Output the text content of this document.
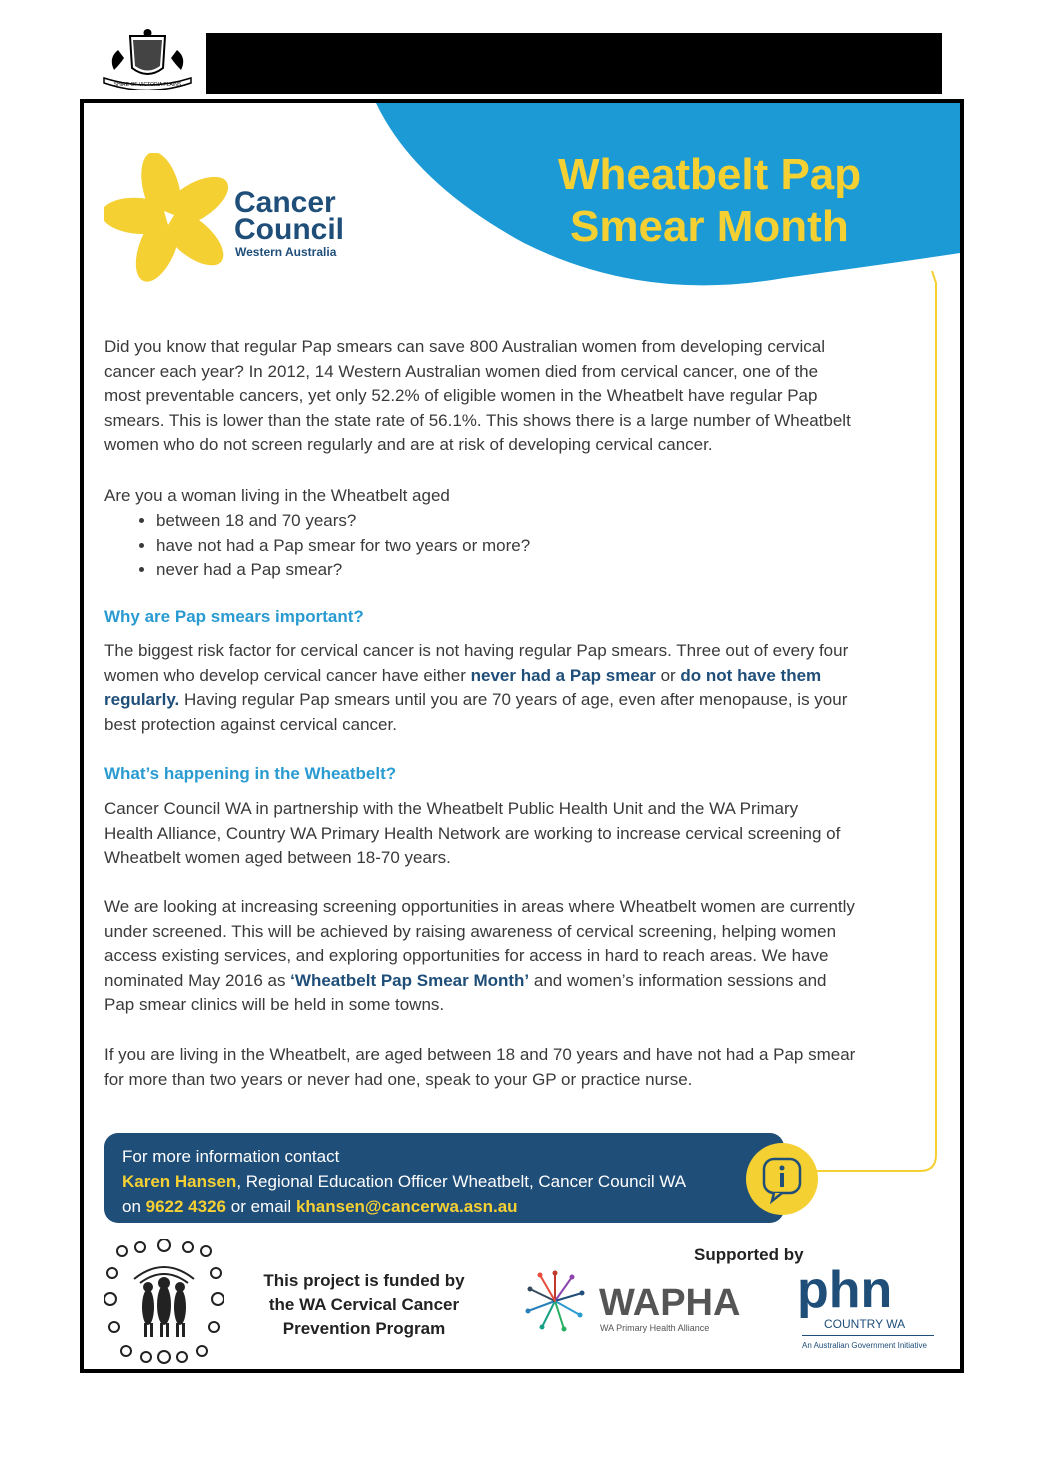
SHIRE OF VICTORIA PLAINS
Cancer
Council
Western Australia
Wheatbelt Pap
Smear Month
Did you know that regular Pap smears can save 800 Australian women from developing cervical
cancer each year? In 2012, 14 Western Australian women died from cervical cancer, one of the
most preventable cancers, yet only 52.2% of eligible women in the Wheatbelt have regular Pap
smears. This is lower than the state rate of 56.1%. This shows there is a large number of Wheatbelt
women who do not screen regularly and are at risk of developing cervical cancer.
Are you a woman living in the Wheatbelt aged
• between 18 and 70 years?
• have not had a Pap smear for two years or more?
• never had a Pap smear?
Why are Pap smears important?
The biggest risk factor for cervical cancer is not having regular Pap smears. Three out of every four
women who develop cervical cancer have either never had a Pap smear or do not have them
regularly. Having regular Pap smears until you are 70 years of age, even after menopause, is your
best protection against cervical cancer.
What’s happening in the Wheatbelt?
Cancer Council WA in partnership with the Wheatbelt Public Health Unit and the WA Primary
Health Alliance, Country WA Primary Health Network are working to increase cervical screening of
Wheatbelt women aged between 18-70 years.
We are looking at increasing screening opportunities in areas where Wheatbelt women are currently
under screened. This will be achieved by raising awareness of cervical screening, helping women
access existing services, and exploring opportunities for access in hard to reach areas. We have
nominated May 2016 as ‘Wheatbelt Pap Smear Month’ and women’s information sessions and
Pap smear clinics will be held in some towns.
If you are living in the Wheatbelt, are aged between 18 and 70 years and have not had a Pap smear
for more than two years or never had one, speak to your GP or practice nurse.
For more information contact
Karen Hansen, Regional Education Officer Wheatbelt, Cancer Council WA
on 9622 4326 or email khansen@cancerwa.asn.au
This project is funded by
the WA Cervical Cancer
Prevention Program
Supported by
WAPHA
WA Primary Health Alliance
phn
COUNTRY WA
An Australian Government Initiative
